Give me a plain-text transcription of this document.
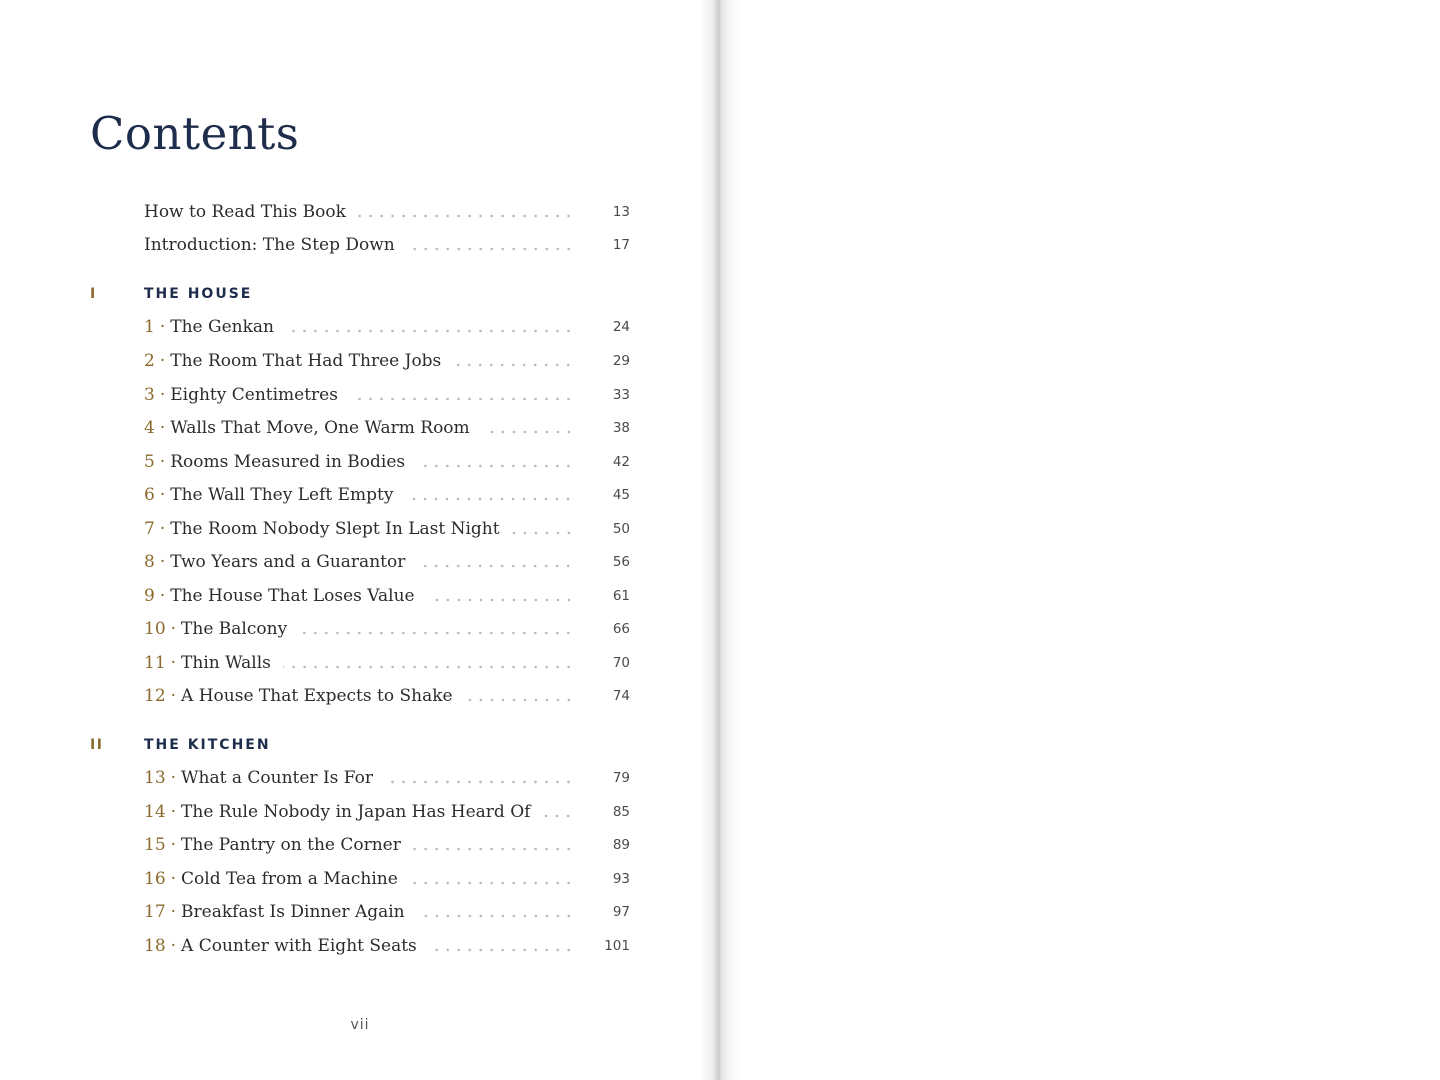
Contents
How to Read This Book	13
Introduction: The Step Down	17
I	THE HOUSE
1 · The Genkan	24
2 · The Room That Had Three Jobs	29
3 · Eighty Centimetres	33
4 · Walls That Move, One Warm Room	38
5 · Rooms Measured in Bodies	42
6 · The Wall They Left Empty	45
7 · The Room Nobody Slept In Last Night	50
8 · Two Years and a Guarantor	56
9 · The House That Loses Value	61
10 · The Balcony	66
11 · Thin Walls	70
12 · A House That Expects to Shake	74
II	THE KITCHEN
13 · What a Counter Is For	79
14 · The Rule Nobody in Japan Has Heard Of	85
15 · The Pantry on the Corner	89
16 · Cold Tea from a Machine	93
17 · Breakfast Is Dinner Again	97
18 · A Counter with Eight Seats	101
vii
